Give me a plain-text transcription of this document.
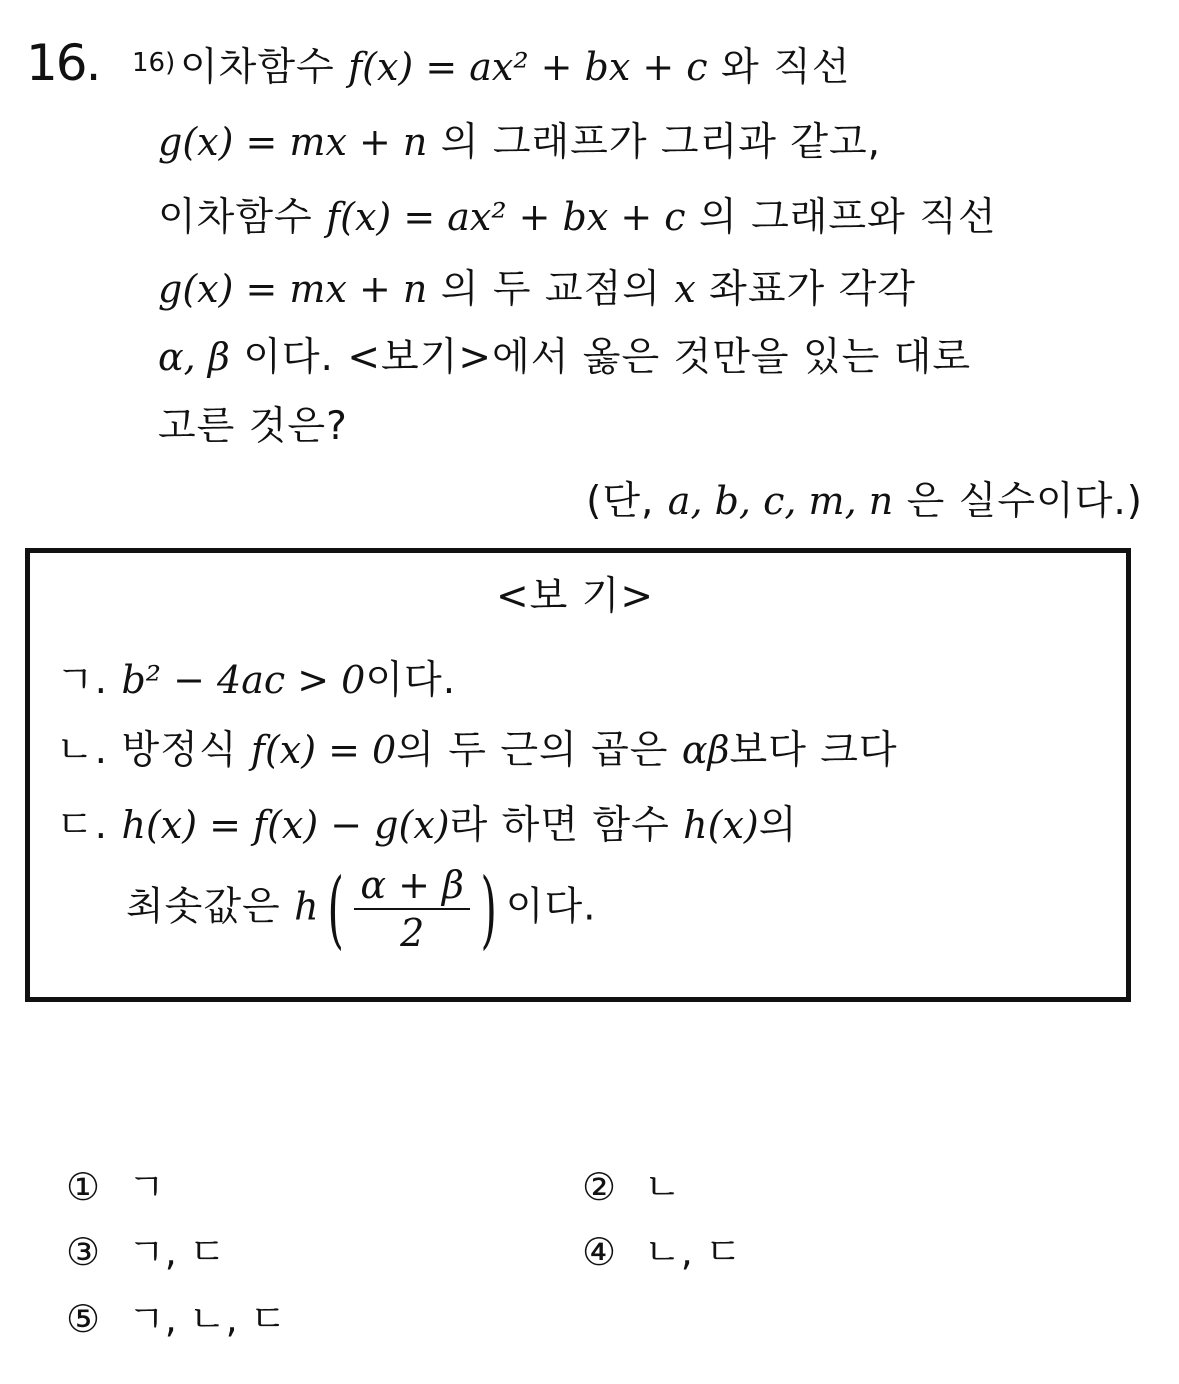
16. 16) 이차함수 f(x) = ax² + bx + c 와 직선
g(x) = mx + n 의 그래프가 그리과 같고,
이차함수 f(x) = ax² + bx + c 의 그래프와 직선
g(x) = mx + n 의 두 교점의 x 좌표가 각각
α, β 이다. <보기>에서 옳은 것만을 있는 대로
고른 것은?
(단, a, b, c, m, n 은 실수이다.)
<보 기>
ㄱ. b² − 4ac > 0이다.
ㄴ. 방정식 f(x) = 0의 두 근의 곱은 αβ보다 크다
ㄷ. h(x) = f(x) − g(x)라 하면 함수 h(x)의
최솟값은 h ( $\frac{\alpha + \beta}{2}$ ) 이다.
① ㄱ	② ㄴ
③ ㄱ, ㄷ	④ ㄴ, ㄷ
⑤ ㄱ, ㄴ, ㄷ
